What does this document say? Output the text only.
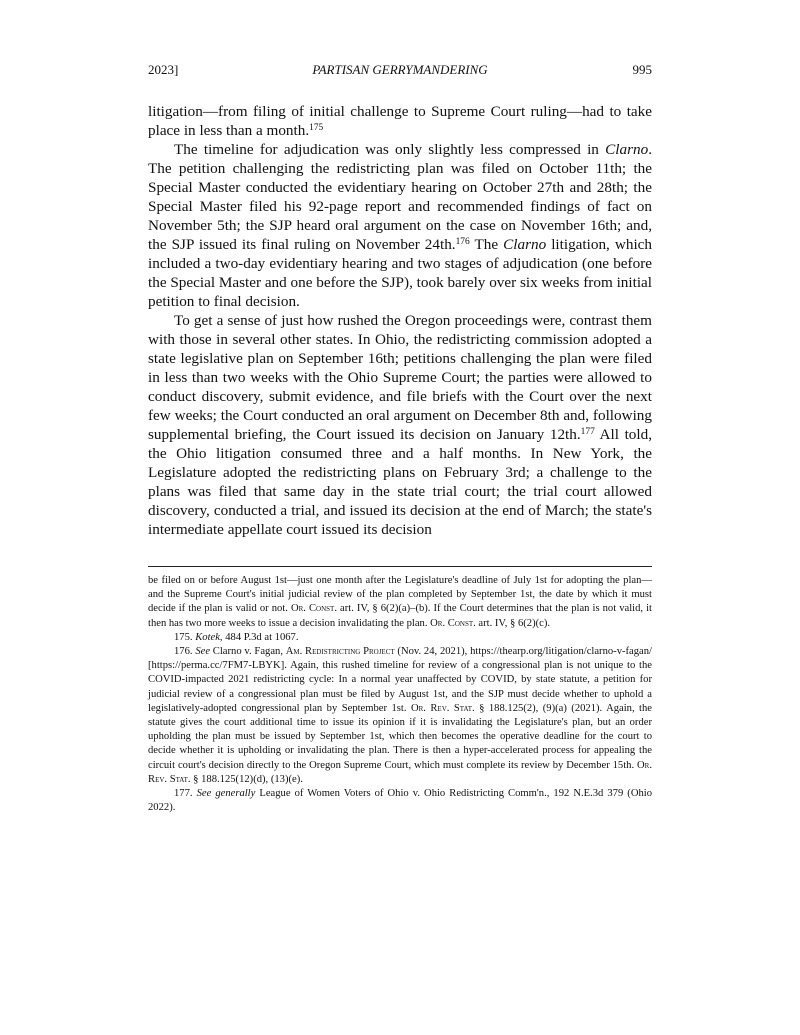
2023]	PARTISAN GERRYMANDERING	995

litigation—from filing of initial challenge to Supreme Court ruling—had to take place in less than a month.$^{175}$

The timeline for adjudication was only slightly less compressed in Clarno. The petition challenging the redistricting plan was filed on October 11th; the Special Master conducted the evidentiary hearing on October 27th and 28th; the Special Master filed his 92-page report and recommended findings of fact on November 5th; the SJP heard oral argument on the case on November 16th; and, the SJP issued its final ruling on November 24th.$^{176}$ The Clarno litigation, which included a two-day evidentiary hearing and two stages of adjudication (one before the Special Master and one before the SJP), took barely over six weeks from initial petition to final decision.

To get a sense of just how rushed the Oregon proceedings were, contrast them with those in several other states. In Ohio, the redistricting commission adopted a state legislative plan on September 16th; petitions challenging the plan were filed in less than two weeks with the Ohio Supreme Court; the parties were allowed to conduct discovery, submit evidence, and file briefs with the Court over the next few weeks; the Court conducted an oral argument on December 8th and, following supplemental briefing, the Court issued its decision on January 12th.$^{177}$ All told, the Ohio litigation consumed three and a half months. In New York, the Legislature adopted the redistricting plans on February 3rd; a challenge to the plans was filed that same day in the state trial court; the trial court allowed discovery, conducted a trial, and issued its decision at the end of March; the state's intermediate appellate court issued its decision

be filed on or before August 1st—just one month after the Legislature's deadline of July 1st for adopting the plan—and the Supreme Court's initial judicial review of the plan completed by September 1st, the date by which it must decide if the plan is valid or not. Or. Const. art. IV, § 6(2)(a)–(b). If the Court determines that the plan is not valid, it then has two more weeks to issue a decision invalidating the plan. Or. Const. art. IV, § 6(2)(c).

175. Kotek, 484 P.3d at 1067.

176. See Clarno v. Fagan, Am. Redistricting Project (Nov. 24, 2021), https://thearp.org/litigation/clarno-v-fagan/ [https://perma.cc/7FM7-LBYK]. Again, this rushed timeline for review of a congressional plan is not unique to the COVID-impacted 2021 redistricting cycle: In a normal year unaffected by COVID, by state statute, a petition for judicial review of a congressional plan must be filed by August 1st, and the SJP must decide whether to uphold a legislatively-adopted congressional plan by September 1st. Or. Rev. Stat. § 188.125(2), (9)(a) (2021). Again, the statute gives the court additional time to issue its opinion if it is invalidating the Legislature's plan, but an order upholding the plan must be issued by September 1st, which then becomes the operative deadline for the court to decide whether it is upholding or invalidating the plan. There is then a hyper-accelerated process for appealing the circuit court's decision directly to the Oregon Supreme Court, which must complete its review by December 15th. Or. Rev. Stat. § 188.125(12)(d), (13)(e).

177. See generally League of Women Voters of Ohio v. Ohio Redistricting Comm'n., 192 N.E.3d 379 (Ohio 2022).
